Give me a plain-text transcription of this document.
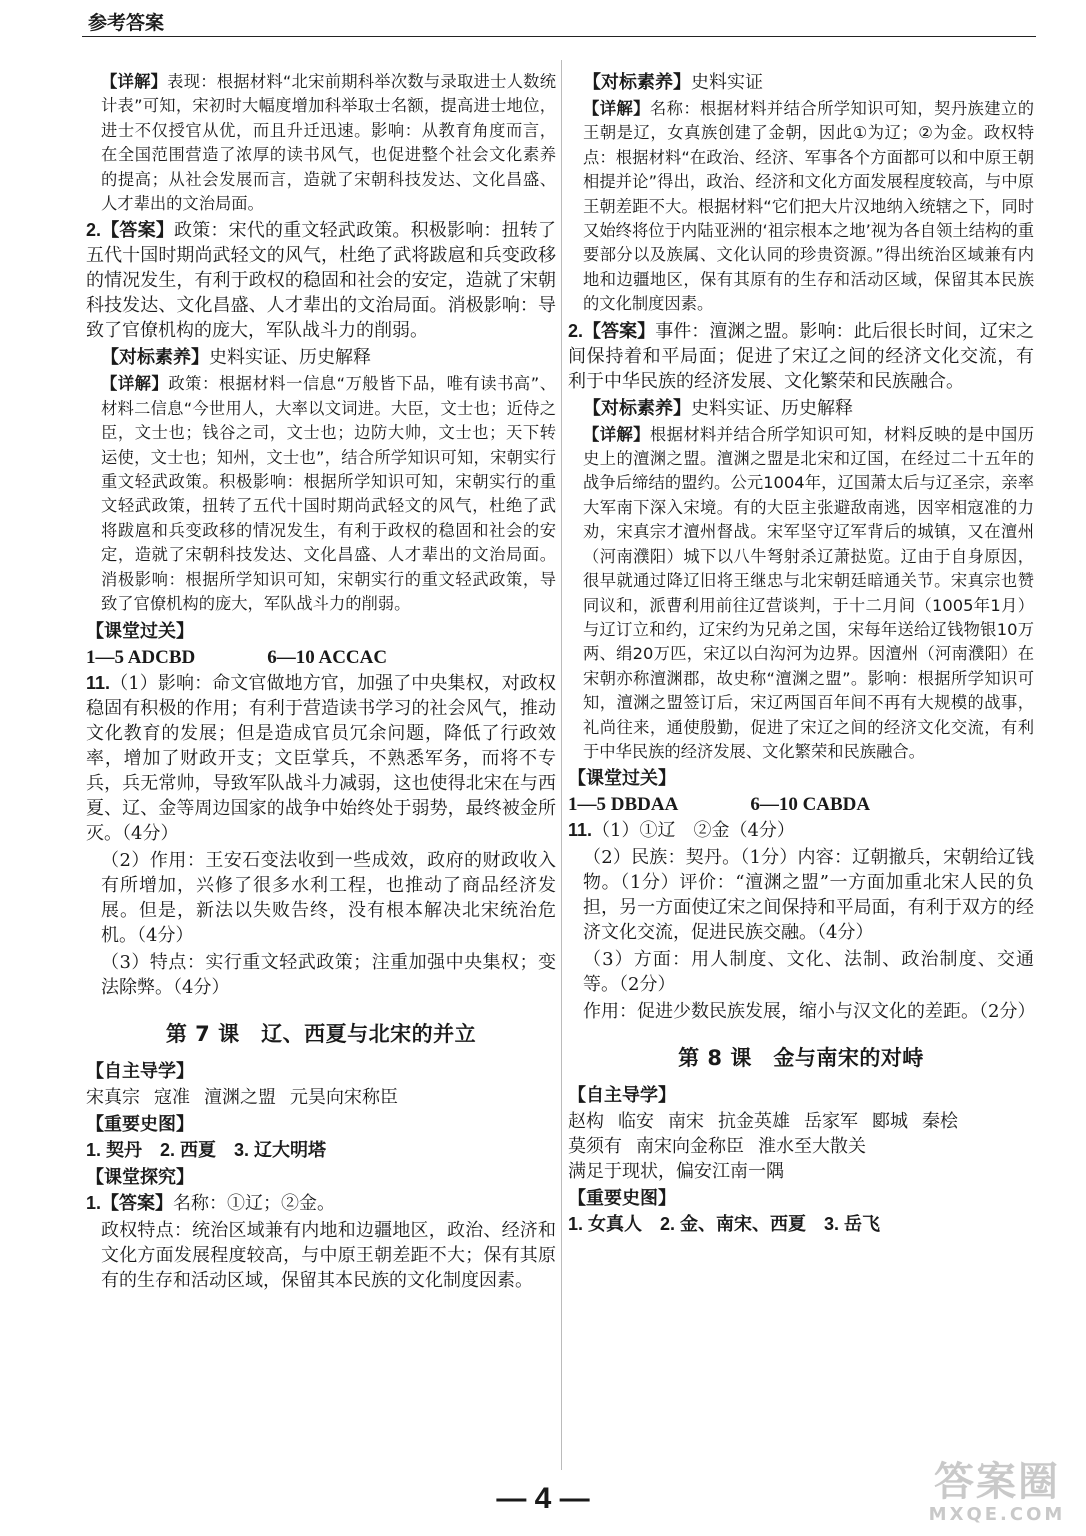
参考答案

【详解】表现：根据材料“北宋前期科举次数与录取进士人数统计表”可知，宋初时大幅度增加科举取士名额，提高进士地位，进士不仅授官从优，而且升迁迅速。影响：从教育角度而言，在全国范围营造了浓厚的读书风气，也促进整个社会文化素养的提高；从社会发展而言，造就了宋朝科技发达、文化昌盛、人才辈出的文治局面。

2.【答案】政策：宋代的重文轻武政策。积极影响：扭转了五代十国时期尚武轻文的风气，杜绝了武将跋扈和兵变政移的情况发生，有利于政权的稳固和社会的安定，造就了宋朝科技发达、文化昌盛、人才辈出的文治局面。消极影响：导致了官僚机构的庞大，军队战斗力的削弱。

【对标素养】史料实证、历史解释

【详解】政策：根据材料一信息“万般皆下品，唯有读书高”、材料二信息“今世用人，大率以文词进。大臣，文士也；近侍之臣，文士也；钱谷之司，文士也；边防大帅，文士也；天下转运使，文士也；知州，文士也”，结合所学知识可知，宋朝实行重文轻武政策。积极影响：根据所学知识可知，宋朝实行的重文轻武政策，扭转了五代十国时期尚武轻文的风气，杜绝了武将跋扈和兵变政移的情况发生，有利于政权的稳固和社会的安定，造就了宋朝科技发达、文化昌盛、人才辈出的文治局面。消极影响：根据所学知识可知，宋朝实行的重文轻武政策，导致了官僚机构的庞大，军队战斗力的削弱。

【课堂过关】

1—5 ADCBD	6—10 ACCAC

11.（1）影响：命文官做地方官，加强了中央集权，对政权稳固有积极的作用；有利于营造读书学习的社会风气，推动文化教育的发展；但是造成官员冗余问题，降低了行政效率，增加了财政开支；文臣掌兵，不熟悉军务，而将不专兵，兵无常帅，导致军队战斗力减弱，这也使得北宋在与西夏、辽、金等周边国家的战争中始终处于弱势，最终被金所灭。（4分）

（2）作用：王安石变法收到一些成效，政府的财政收入有所增加，兴修了很多水利工程，也推动了商品经济发展。但是，新法以失败告终，没有根本解决北宋统治危机。（4分）

（3）特点：实行重文轻武政策；注重加强中央集权；变法除弊。（4分）

第 7 课　辽、西夏与北宋的并立

【自主导学】

宋真宗 寇准 澶渊之盟 元昊向宋称臣

【重要史图】

1. 契丹　2. 西夏　3. 辽大明塔

【课堂探究】

1.【答案】名称：①辽；②金。

政权特点：统治区域兼有内地和边疆地区，政治、经济和文化方面发展程度较高，与中原王朝差距不大；保有其原有的生存和活动区域，保留其本民族的文化制度因素。

【对标素养】史料实证

【详解】名称：根据材料并结合所学知识可知，契丹族建立的王朝是辽，女真族创建了金朝，因此①为辽；②为金。政权特点：根据材料“在政治、经济、军事各个方面都可以和中原王朝相提并论”得出，政治、经济和文化方面发展程度较高，与中原王朝差距不大。根据材料“它们把大片汉地纳入统辖之下，同时又始终将位于内陆亚洲的‘祖宗根本之地’视为各自领土结构的重要部分以及族属、文化认同的珍贵资源。”得出统治区域兼有内地和边疆地区，保有其原有的生存和活动区域，保留其本民族的文化制度因素。

2.【答案】事件：澶渊之盟。影响：此后很长时间，辽宋之间保持着和平局面；促进了宋辽之间的经济文化交流，有利于中华民族的经济发展、文化繁荣和民族融合。

【对标素养】史料实证、历史解释

【详解】根据材料并结合所学知识可知，材料反映的是中国历史上的澶渊之盟。澶渊之盟是北宋和辽国，在经过二十五年的战争后缔结的盟约。公元1004年，辽国萧太后与辽圣宗，亲率大军南下深入宋境。有的大臣主张避敌南逃，因宰相寇准的力劝，宋真宗才澶州督战。宋军坚守辽军背后的城镇，又在澶州（河南濮阳）城下以八牛弩射杀辽萧挞览。辽由于自身原因，很早就通过降辽旧将王继忠与北宋朝廷暗通关节。宋真宗也赞同议和，派曹利用前往辽营谈判，于十二月间（1005年1月）与辽订立和约，辽宋约为兄弟之国，宋每年送给辽钱物银10万两、绢20万匹，宋辽以白沟河为边界。因澶州（河南濮阳）在宋朝亦称澶渊郡，故史称“澶渊之盟”。影响：根据所学知识可知，澶渊之盟签订后，宋辽两国百年间不再有大规模的战事，礼尚往来，通使殷勤，促进了宋辽之间的经济文化交流，有利于中华民族的经济发展、文化繁荣和民族融合。

【课堂过关】

1—5 DBDAA	6—10 CABDA

11.（1）①辽　②金（4分）

（2）民族：契丹。（1分）内容：辽朝撤兵，宋朝给辽钱物。（1分）评价：“澶渊之盟”一方面加重北宋人民的负担，另一方面使辽宋之间保持和平局面，有利于双方的经济文化交流，促进民族交融。（4分）

（3）方面：用人制度、文化、法制、政治制度、交通等。（2分）

作用：促进少数民族发展，缩小与汉文化的差距。（2分）

第 8 课　金与南宋的对峙

【自主导学】

赵构 临安 南宋 抗金英雄 岳家军 郾城 秦桧莫须有 南宋向金称臣 淮水至大散关满足于现状，偏安江南一隅

【重要史图】

1. 女真人　2. 金、南宋、西夏　3. 岳飞

— 4 —	答案圈
MXQE.COM
